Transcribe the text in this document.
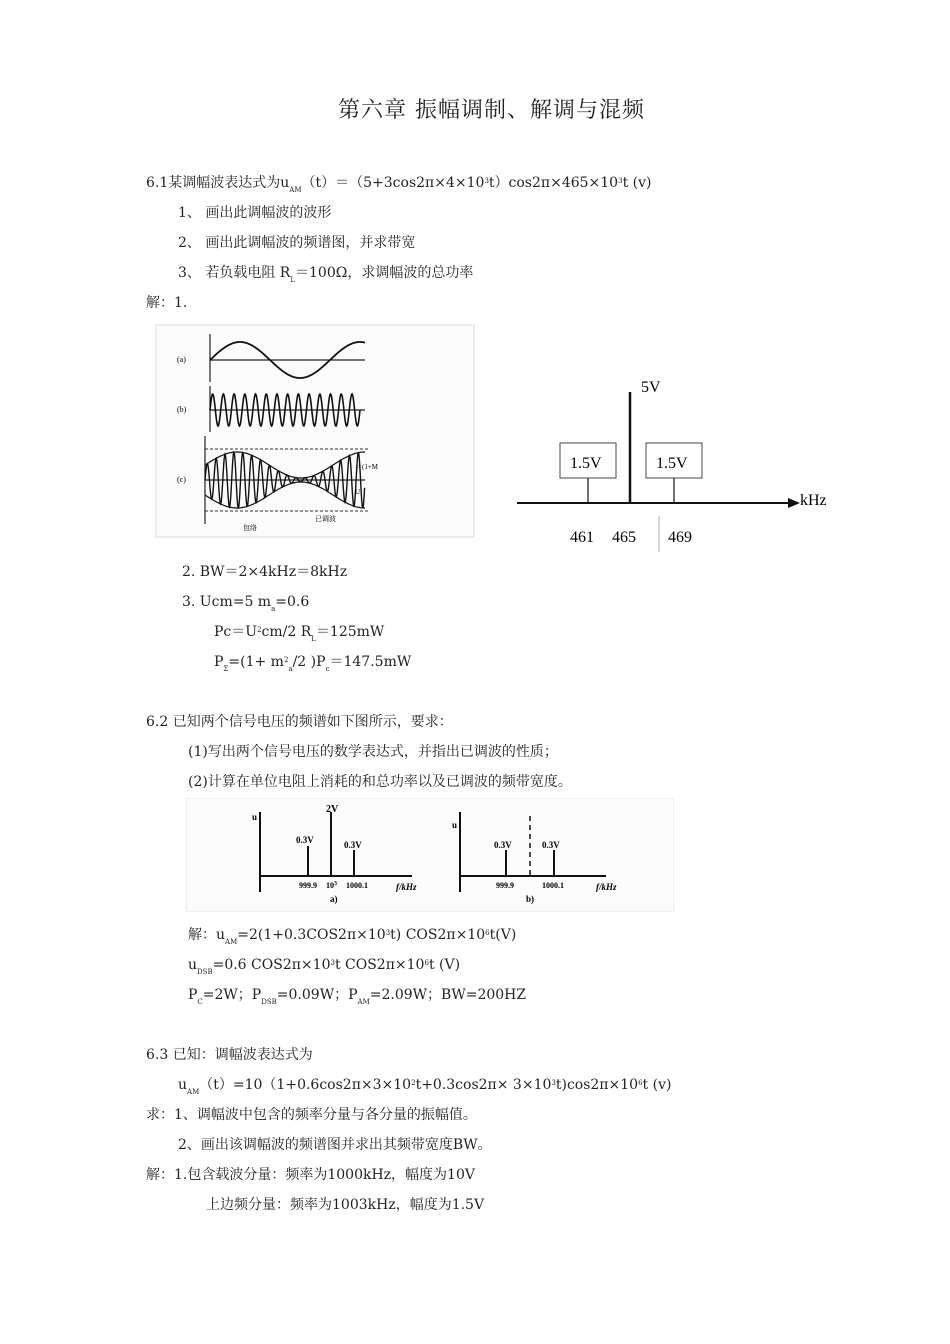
第六章 振幅调制、解调与混频
6.1某调幅波表达式为$u_{AM}(t)=(5+3\cos 2\pi\times 4\times 10^3t)\cos 2\pi\times 465\times 10^3t$ (v)
1、 画出此调幅波的波形
2、 画出此调幅波的频谱图，并求带宽
3、 若负载电阻 $R_L=100\Omega$，求调幅波的总功率
解：1.
(a)
(b)
(c)
＝(1+M
U
已调波
包络
5V
1.5V	1.5V
kHz
461 465 469
2. BW＝2×4kHz＝8kHz
3. Ucm=5 $m_a=0.6$
$Pc=U^2cm/2$ $R_L=125mW$
$P_\Sigma=(1+ m^2_a/2$ )$P_c=147.5mW$
6.2 已知两个信号电压的频谱如下图所示，要求：
(1)写出两个信号电压的数学表达式，并指出已调波的性质；
(2)计算在单位电阻上消耗的和总功率以及已调波的频带宽度。
u
2V
0.3V	0.3V
999.9 $10^3$ 1000.1	f/kHz
a)
u
0.3V	0.3V
999.9	1000.1	f/kHz
b)
解：$u_{AM}=2(1+0.3COS2\pi\times 10^3t)$ $COS2\pi\times 10^6t(V)$
$u_{DSB}=0.6$ $COS2\pi\times 10^3t$ $COS2\pi\times 10^6t$ (V)
$P_C=2W$；$P_{DSB}=0.09W$；$P_{AM}=2.09W$；BW=200HZ
6.3 已知：调幅波表达式为
$u_{AM}(t)=10(1+0.6\cos 2\pi\times 3\times 10^2t+0.3\cos 2\pi\times 3\times 10^3t)\cos 2\pi\times 10^6t$ (v)
求：1、调幅波中包含的频率分量与各分量的振幅值。
2、画出该调幅波的频谱图并求出其频带宽度BW。
解：1.包含载波分量：频率为1000kHz，幅度为10V
上边频分量：频率为1003kHz，幅度为1.5V
